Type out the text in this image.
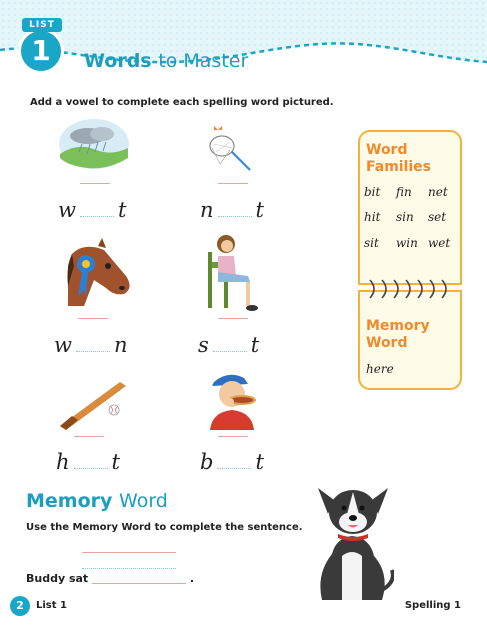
LIST
1	Words to Master
Add a vowel to complete each spelling word pictured.
w t	n t
w n	s t
h t	b t
Word
Families
bit fin net
hit sin set
sit win wet
Memory
Word
here
Memory Word
Use the Memory Word to complete the sentence.
Buddy sat	.
2	List 1	Spelling 1
